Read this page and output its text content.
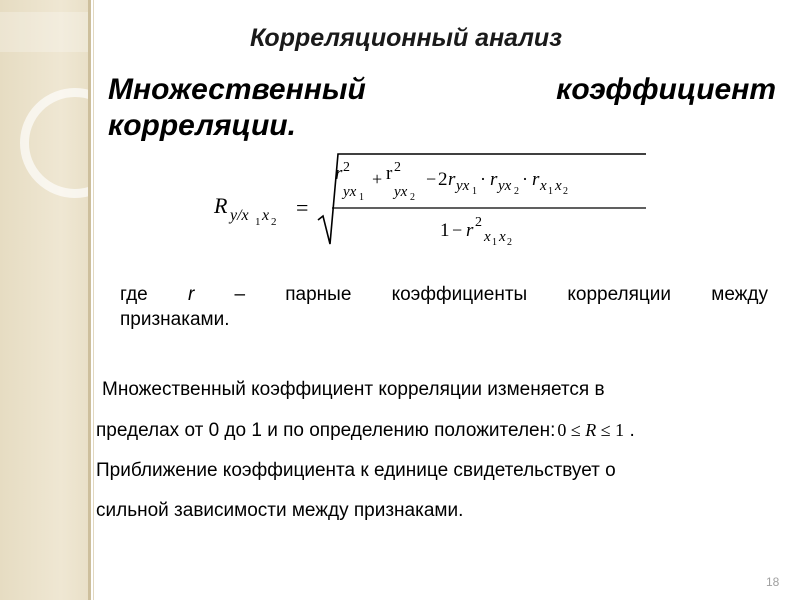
Корреляционный анализ
Множественный	коэффициент
корреляции.
R y/x 1 x 2
=
r 2
yx 1
+ r 2
yx 2
− 2 r yx 1
· r yx 2
· r x 1 x 2
1 − r 2
x 1 x 2
где r – парные коэффициенты корреляции между
признаками.
Множественный коэффициент корреляции изменяется в
пределах от 0 до 1 и по определению положителен: 0 ≤ R ≤ 1 .
Приближение коэффициента к единице свидетельствует о
сильной зависимости между признаками.
18
